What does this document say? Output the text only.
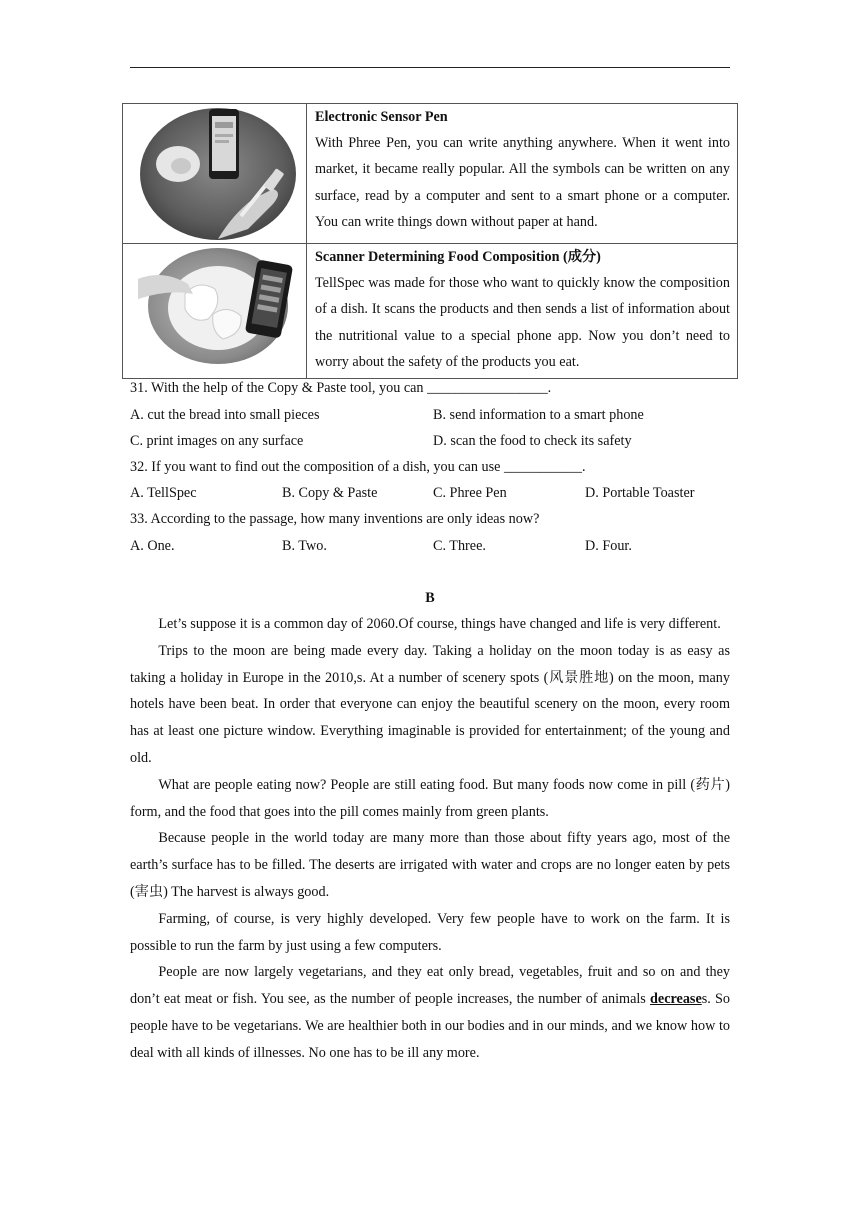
Electronic Sensor Pen
With Phree Pen, you can write anything anywhere. When it went into market, it became really popular. All the symbols can be written on any surface, read by a computer and sent to a smart phone or a computer. You can write things down without paper at hand.

Scanner Determining Food Composition (成分)
TellSpec was made for those who want to quickly know the composition of a dish. It scans the products and then sends a list of information about the nutritional value to a special phone app. Now you don’t need to worry about the safety of the products you eat.
31. With the help of the Copy & Paste tool, you can _________________.
A. cut the bread into small pieces	B. send information to a smart phone
C. print images on any surface	D. scan the food to check its safety
32. If you want to find out the composition of a dish, you can use ___________.
A. TellSpec	B. Copy & Paste	C. Phree Pen	D. Portable Toaster
33. According to the passage, how many inventions are only ideas now?
A. One.	B. Two.	C. Three.	D. Four.
B

Let’s suppose it is a common day of 2060.Of course, things have changed and life is very different.

Trips to the moon are being made every day. Taking a holiday on the moon today is as easy as taking a holiday in Europe in the 2010,s. At a number of scenery spots (风景胜地) on the moon, many hotels have been beat. In order that everyone can enjoy the beautiful scenery on the moon, every room has at least one picture window. Everything imaginable is provided for entertainment; of the young and old.

What are people eating now? People are still eating food. But many foods now come in pill (药片) form, and the food that goes into the pill comes mainly from green plants.

Because people in the world today are many more than those about fifty years ago, most of the earth’s surface has to be filled. The deserts are irrigated with water and crops are no longer eaten by pets (害虫) The harvest is always good.

Farming, of course, is very highly developed. Very few people have to work on the farm. It is possible to run the farm by just using a few computers.

People are now largely vegetarians, and they eat only bread, vegetables, fruit and so on and they don’t eat meat or fish. You see, as the number of people increases, the number of animals decreases. So people have to be vegetarians. We are healthier both in our bodies and in our minds, and we know how to deal with all kinds of illnesses. No one has to be ill any more.
